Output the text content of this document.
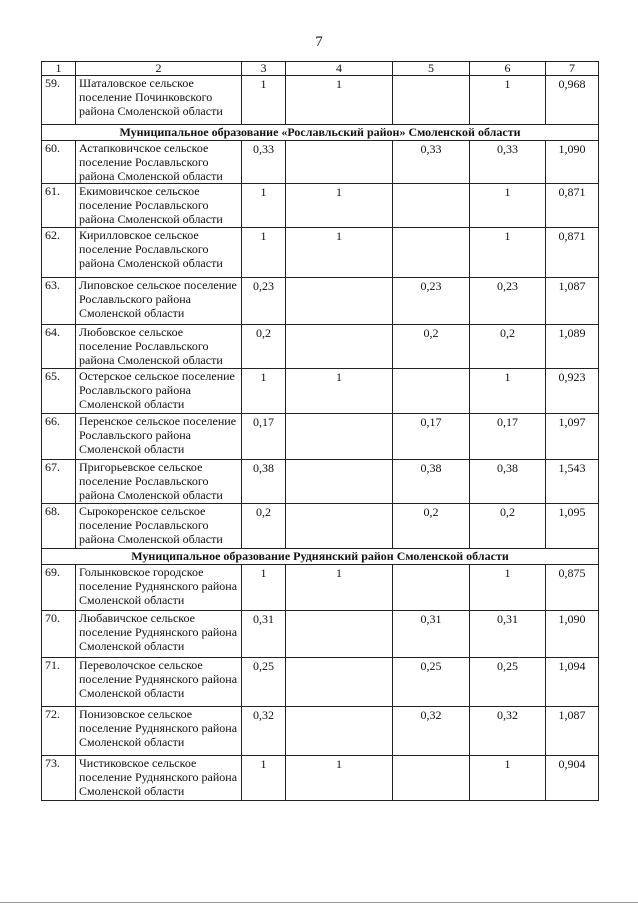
7
1	2	3	4	5	6	7
59.	Шаталовское сельское поселение Починковского района Смоленской области	1	1		1	0,968
Муниципальное образование «Рославльский район» Смоленской области						
60.	Астапковичское сельское поселение Рославльского района Смоленской области	0,33		0,33	0,33	1,090
61.	Екимовичское сельское поселение Рославльского района Смоленской области	1	1		1	0,871
62.	Кирилловское сельское поселение Рославльского района Смоленской области	1	1		1	0,871
63.	Липовское сельское поселение Рославльского района Смоленской области	0,23		0,23	0,23	1,087
64.	Любовское сельское поселение Рославльского района Смоленской области	0,2		0,2	0,2	1,089
65.	Остерское сельское поселение Рославльского района Смоленской области	1	1		1	0,923
66.	Перенское сельское поселение Рославльского района Смоленской области	0,17		0,17	0,17	1,097
67.	Пригорьевское сельское поселение Рославльского района Смоленской области	0,38		0,38	0,38	1,543
68.	Сырокоренское сельское поселение Рославльского района Смоленской области	0,2		0,2	0,2	1,095
Муниципальное образование Руднянский район Смоленской области						
69.	Голынковское городское поселение Руднянского района Смоленской области	1	1		1	0,875
70.	Любавичское сельское поселение Руднянского района Смоленской области	0,31		0,31	0,31	1,090
71.	Переволочское сельское поселение Руднянского района Смоленской области	0,25		0,25	0,25	1,094
72.	Понизовское сельское поселение Руднянского района Смоленской области	0,32		0,32	0,32	1,087
73.	Чистиковское сельское поселение Руднянского района Смоленской области	1	1		1	0,904
